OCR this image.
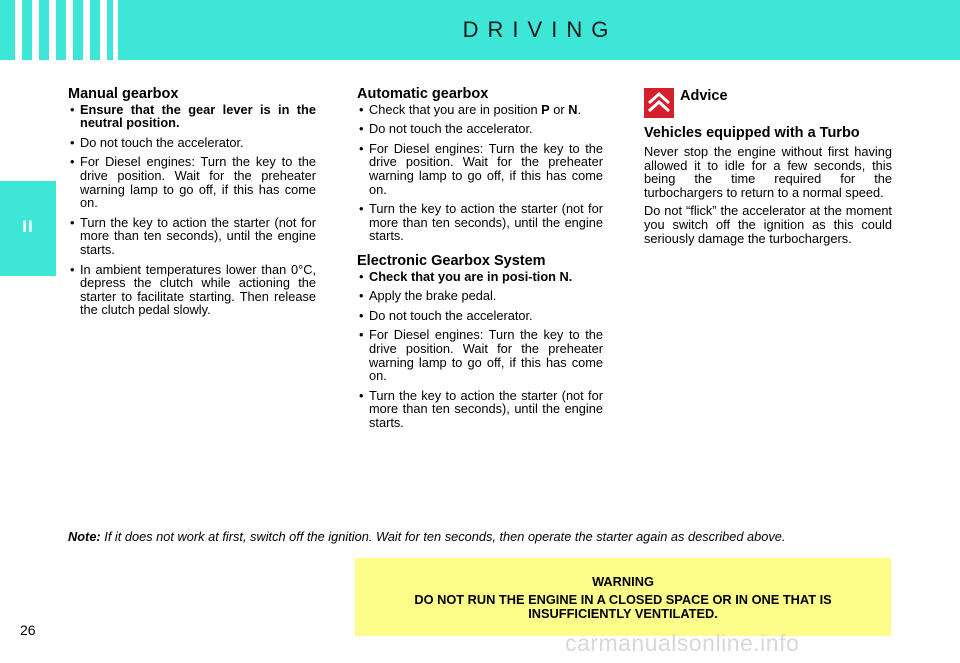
DRIVING
II
Manual gearbox
• Ensure that the gear lever is in the neutral position.
• Do not touch the accelerator.
• For Diesel engines: Turn the key to the drive position. Wait for the preheater warning lamp to go off, if this has come on.
• Turn the key to action the starter (not for more than ten seconds), until the engine starts.
• In ambient temperatures lower than 0°C, depress the clutch while actioning the starter to facilitate starting. Then release the clutch pedal slowly.
Automatic gearbox
• Check that you are in position P or N.
• Do not touch the accelerator.
• For Diesel engines: Turn the key to the drive position. Wait for the preheater warning lamp to go off, if this has come on.
• Turn the key to action the starter (not for more than ten seconds), until the engine starts.
Electronic Gearbox System
• Check that you are in posi-tion N.
• Apply the brake pedal.
• Do not touch the accelerator.
• For Diesel engines: Turn the key to the drive position. Wait for the preheater warning lamp to go off, if this has come on.
• Turn the key to action the starter (not for more than ten seconds), until the engine starts.
Advice
Vehicles equipped with a Turbo

Never stop the engine without first having allowed it to idle for a few seconds, this being the time required for the turbochargers to return to a normal speed.

Do not “flick” the accelerator at the moment you switch off the ignition as this could seriously damage the turbochargers.

Note: If it does not work at first, switch off the ignition. Wait for ten seconds, then operate the starter again as described above.
WARNING
DO NOT RUN THE ENGINE IN A CLOSED SPACE OR IN ONE THAT IS INSUFFICIENTLY VENTILATED.
26	carmanualsonline.info
